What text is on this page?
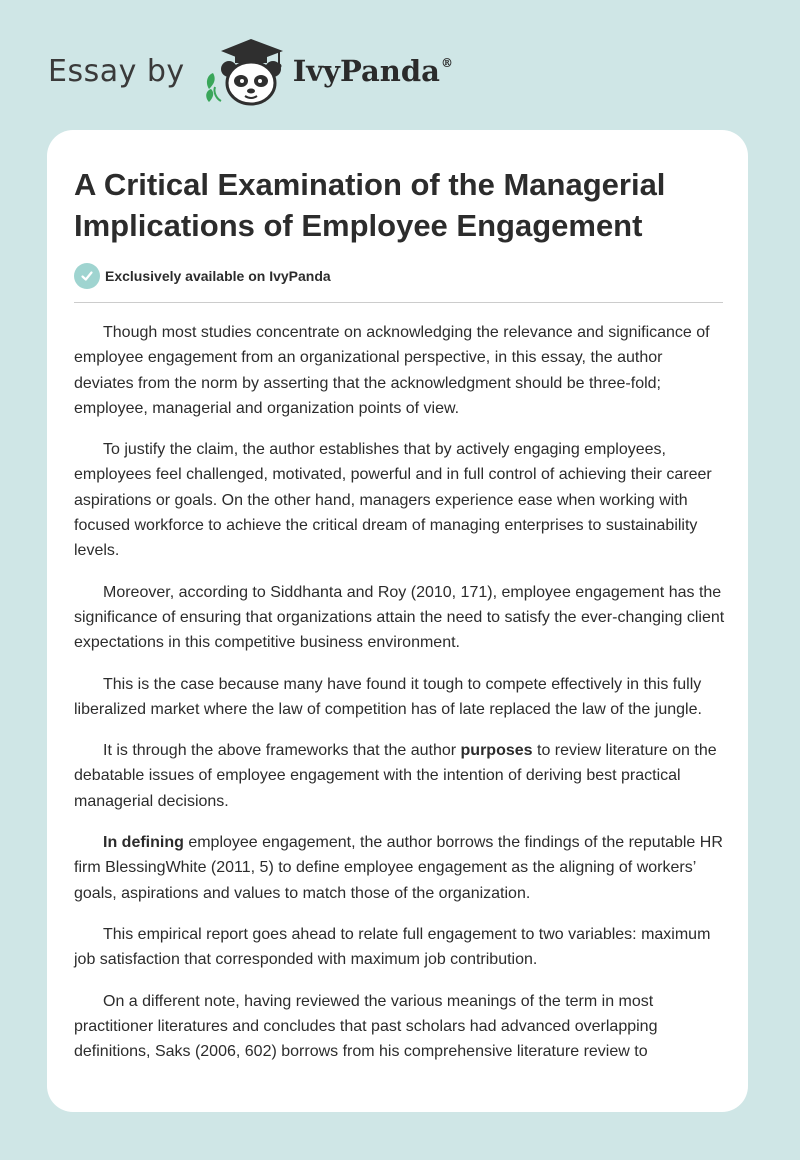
Essay by	IvyPanda®
A Critical Examination of the Managerial Implications of Employee Engagement
Exclusively available on IvyPanda

Though most studies concentrate on acknowledging the relevance and significance of employee engagement from an organizational perspective, in this essay, the author deviates from the norm by asserting that the acknowledgment should be three-fold; employee, managerial and organization points of view.

To justify the claim, the author establishes that by actively engaging employees, employees feel challenged, motivated, powerful and in full control of achieving their career aspirations or goals. On the other hand, managers experience ease when working with focused workforce to achieve the critical dream of managing enterprises to sustainability levels.

Moreover, according to Siddhanta and Roy (2010, 171), employee engagement has the significance of ensuring that organizations attain the need to satisfy the ever-changing client expectations in this competitive business environment.

This is the case because many have found it tough to compete effectively in this fully liberalized market where the law of competition has of late replaced the law of the jungle.

It is through the above frameworks that the author purposes to review literature on the debatable issues of employee engagement with the intention of deriving best practical managerial decisions.

In defining employee engagement, the author borrows the findings of the reputable HR firm BlessingWhite (2011, 5) to define employee engagement as the aligning of workers’ goals, aspirations and values to match those of the organization.

This empirical report goes ahead to relate full engagement to two variables: maximum job satisfaction that corresponded with maximum job contribution.

On a different note, having reviewed the various meanings of the term in most practitioner literatures and concludes that past scholars had advanced overlapping definitions, Saks (2006, 602) borrows from his comprehensive literature review to
